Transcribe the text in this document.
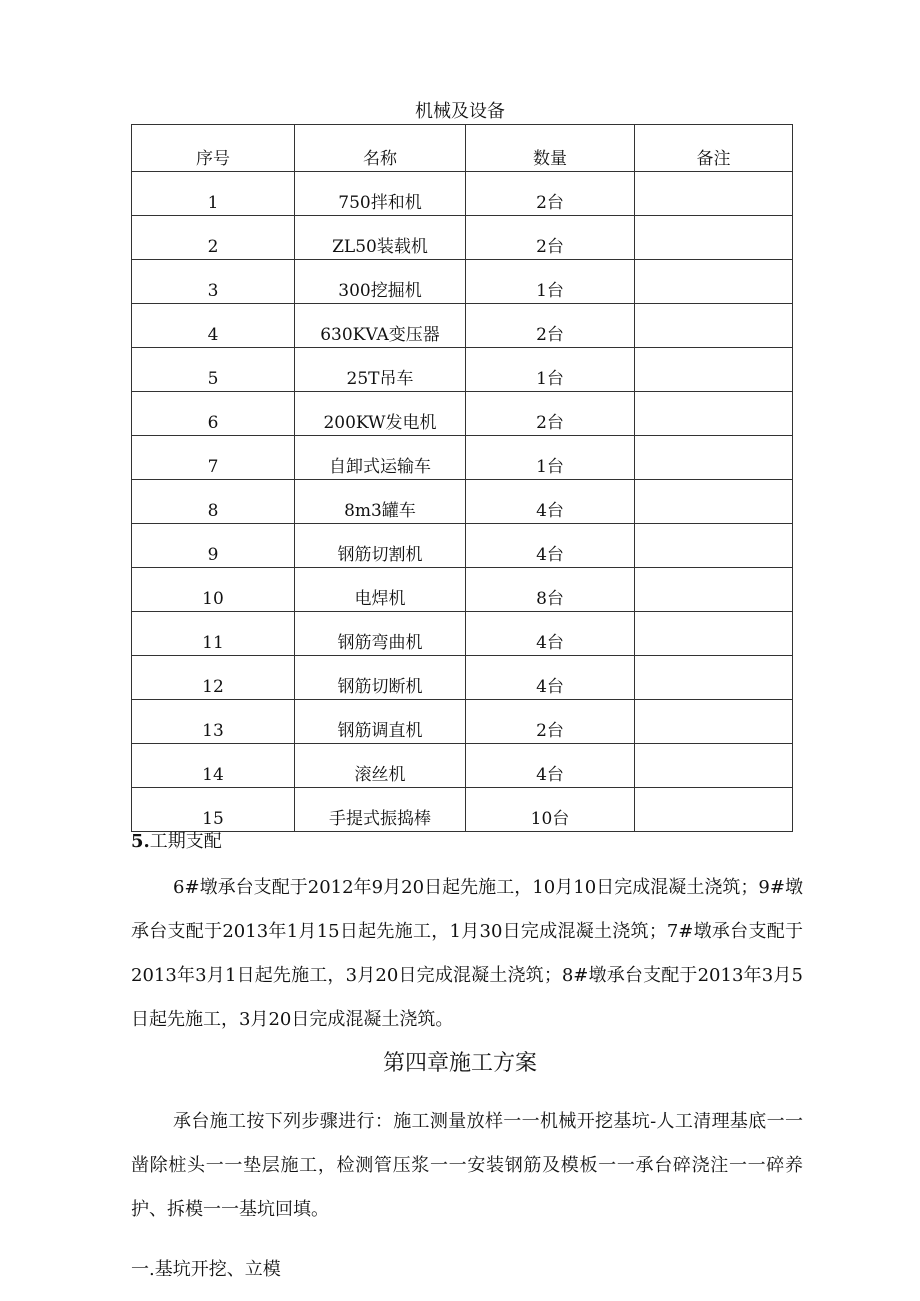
机械及设备
序号	名称	数量	备注
1	750拌和机	2台	
2	ZL50装载机	2台	
3	300挖掘机	1台	
4	630KVA变压器	2台	
5	25T吊车	1台	
6	200KW发电机	2台	
7	自卸式运输车	1台	
8	8m3罐车	4台	
9	钢筋切割机	4台	
10	电焊机	8台	
11	钢筋弯曲机	4台	
12	钢筋切断机	4台	
13	钢筋调直机	2台	
14	滚丝机	4台	
15	手提式振捣棒	10台	
5.工期支配
6#墩承台支配于2012年9月20日起先施工，10月10日完成混凝土浇筑；9#墩承台支配于2013年1月15日起先施工，1月30日完成混凝土浇筑；7#墩承台支配于2013年3月1日起先施工，3月20日完成混凝土浇筑；8#墩承台支配于2013年3月5日起先施工，3月20日完成混凝土浇筑。
第四章施工方案
承台施工按下列步骤进行：施工测量放样一一机械开挖基坑-人工清理基底一一凿除桩头一一垫层施工，检测管压浆一一安装钢筋及模板一一承台碎浇注一一碎养护、拆模一一基坑回填。
一.基坑开挖、立模
